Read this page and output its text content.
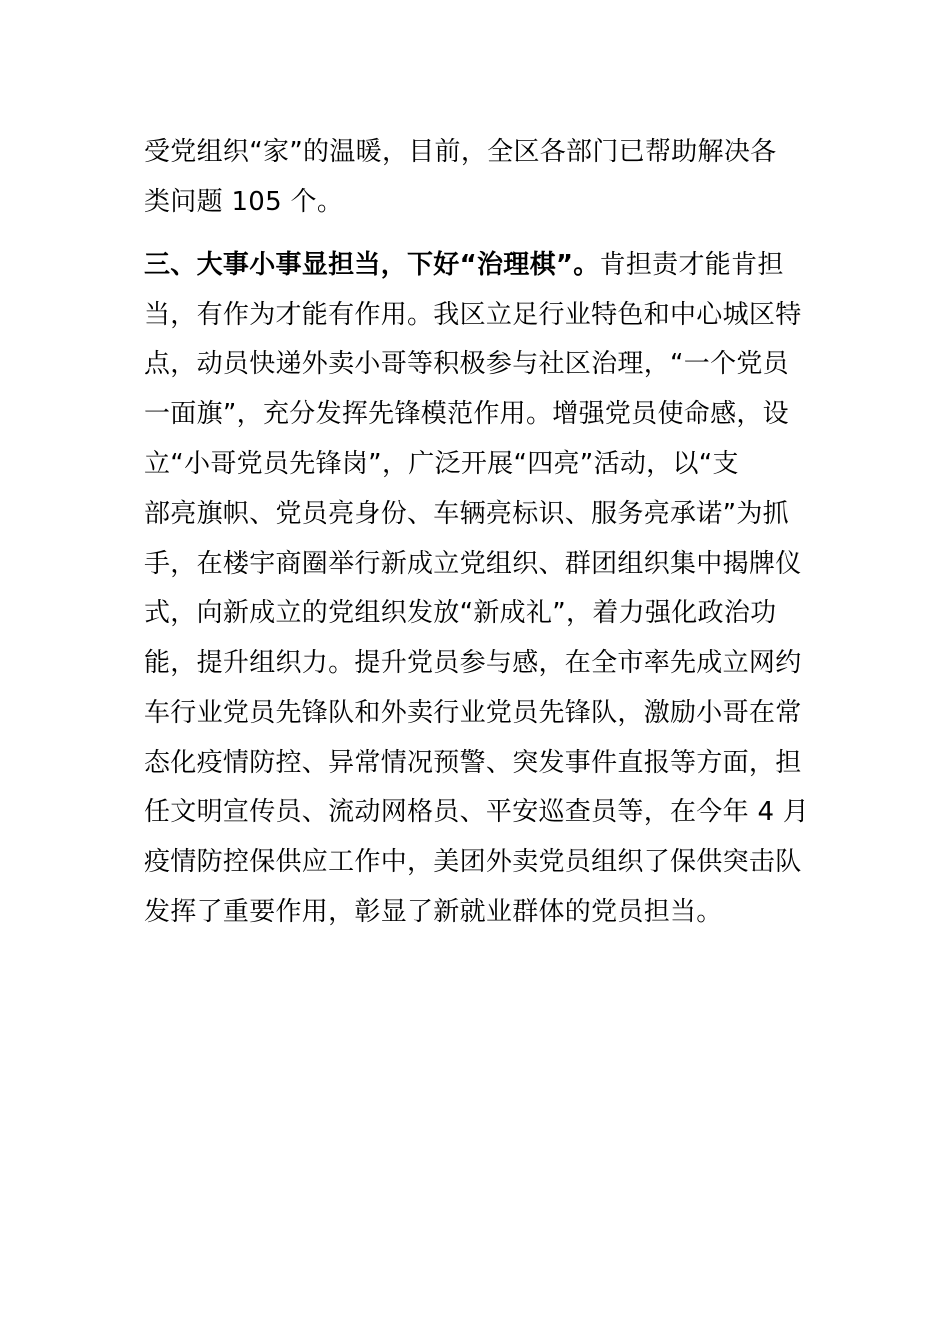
受党组织“家”的温暖，目前，全区各部门已帮助解决各
类问题 105 个。
三、大事小事显担当，下好“治理棋”。肯担责才能肯担
当，有作为才能有作用。我区立足行业特色和中心城区特
点，动员快递外卖小哥等积极参与社区治理，“一个党员
一面旗”，充分发挥先锋模范作用。增强党员使命感，设
立“小哥党员先锋岗”，广泛开展“四亮”活动，以“支
部亮旗帜、党员亮身份、车辆亮标识、服务亮承诺”为抓
手，在楼宇商圈举行新成立党组织、群团组织集中揭牌仪
式，向新成立的党组织发放“新成礼”，着力强化政治功
能，提升组织力。提升党员参与感，在全市率先成立网约
车行业党员先锋队和外卖行业党员先锋队，激励小哥在常
态化疫情防控、异常情况预警、突发事件直报等方面，担
任文明宣传员、流动网格员、平安巡查员等，在今年 4 月
疫情防控保供应工作中，美团外卖党员组织了保供突击队
发挥了重要作用，彰显了新就业群体的党员担当。
